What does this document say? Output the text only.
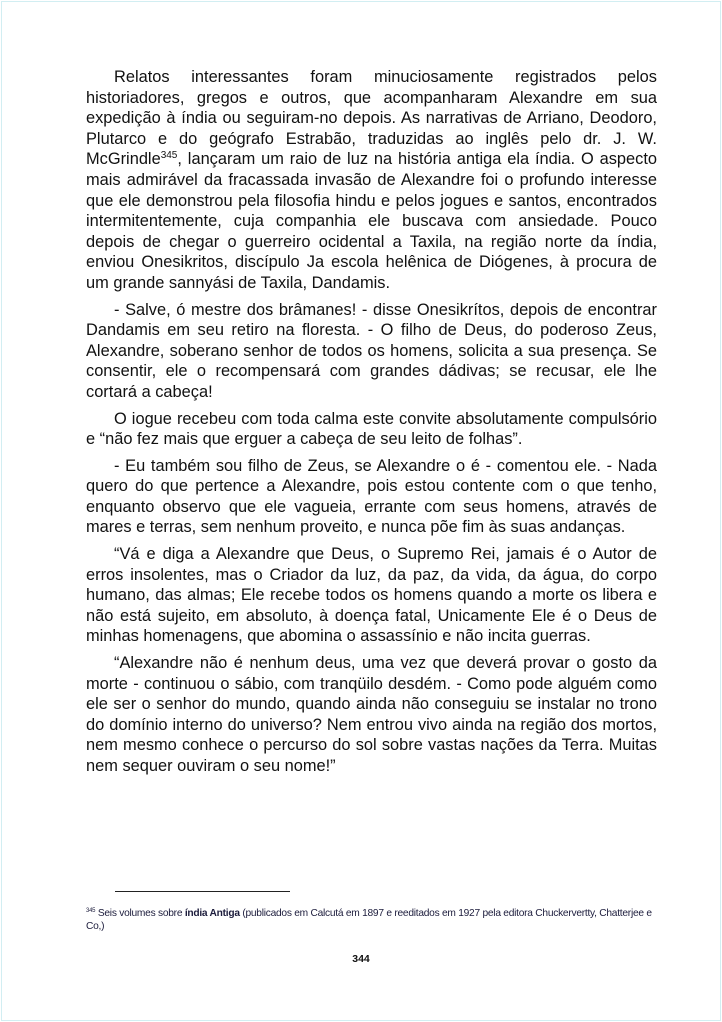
Relatos interessantes foram minuciosamente registrados pelos historiadores, gregos e outros, que acompanharam Alexandre em sua expedição à índia ou seguiram-no depois. As narrativas de Arriano, Deodoro, Plutarco e do geógrafo Estrabão, traduzidas ao inglês pelo dr. J. W. McGrindle$^{345}$, lançaram um raio de luz na história antiga ela índia. O aspecto mais admirável da fracassada invasão de Alexandre foi o profundo interesse que ele demonstrou pela filosofia hindu e pelos jogues e santos, encontrados intermitentemente, cuja companhia ele buscava com ansiedade. Pouco depois de chegar o guerreiro ocidental a Taxila, na região norte da índia, enviou Onesikritos, discípulo Ja escola helênica de Diógenes, à procura de um grande sannyási de Taxila, Dandamis.

- Salve, ó mestre dos brâmanes! - disse Onesikrítos, depois de encontrar Dandamis em seu retiro na floresta. - O filho de Deus, do poderoso Zeus, Alexandre, soberano senhor de todos os homens, solicita a sua presença. Se consentir, ele o recompensará com grandes dádivas; se recusar, ele lhe cortará a cabeça!

O iogue recebeu com toda calma este convite absolutamente compulsório e “não fez mais que erguer a cabeça de seu leito de folhas”.

- Eu também sou filho de Zeus, se Alexandre o é - comentou ele. - Nada quero do que pertence a Alexandre, pois estou contente com o que tenho, enquanto observo que ele vagueia, errante com seus homens, através de mares e terras, sem nenhum proveito, e nunca põe fim às suas andanças.

“Vá e diga a Alexandre que Deus, o Supremo Rei, jamais é o Autor de erros insolentes, mas o Criador da luz, da paz, da vida, da água, do corpo humano, das almas; Ele recebe todos os homens quando a morte os libera e não está sujeito, em absoluto, à doença fatal, Unicamente Ele é o Deus de minhas homenagens, que abomina o assassínio e não incita guerras.

“Alexandre não é nenhum deus, uma vez que deverá provar o gosto da morte - continuou o sábio, com tranqüilo desdém. - Como pode alguém como ele ser o senhor do mundo, quando ainda não conseguiu se instalar no trono do domínio interno do universo? Nem entrou vivo ainda na região dos mortos, nem mesmo conhece o percurso do sol sobre vastas nações da Terra. Muitas nem sequer ouviram o seu nome!”

$^{345}$ Seis volumes sobre índia Antiga (publicados em Calcutá em 1897 e reeditados em 1927 pela editora Chuckervertty, Chatterjee e Co,)
344
